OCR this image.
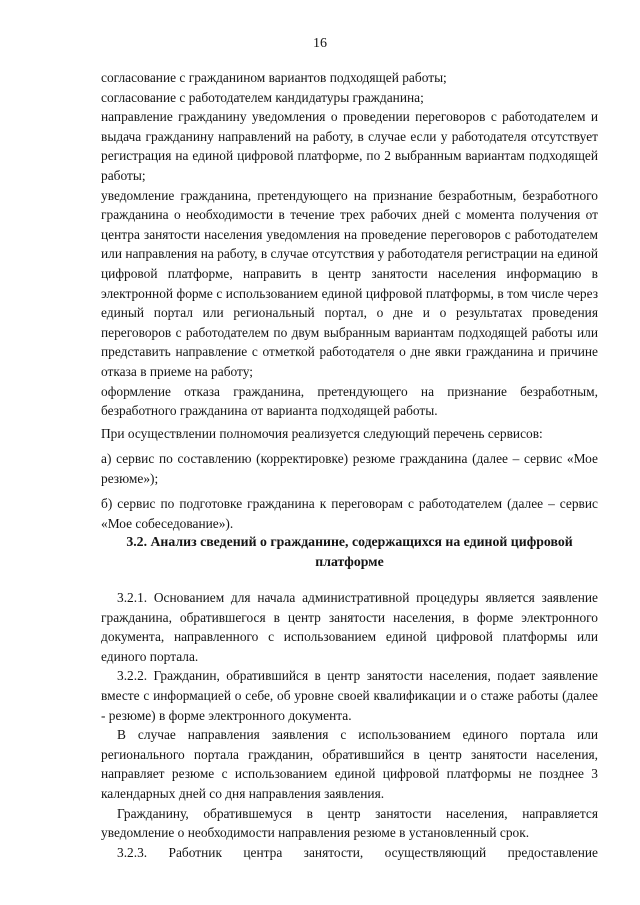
16

согласование с гражданином вариантов подходящей работы;

согласование с работодателем кандидатуры гражданина;

направление гражданину уведомления о проведении переговоров с работодателем и выдача гражданину направлений на работу, в случае если у работодателя отсутствует регистрация на единой цифровой платформе, по 2 выбранным вариантам подходящей работы;

уведомление гражданина, претендующего на признание безработным, безработного гражданина о необходимости в течение трех рабочих дней с момента получения от центра занятости населения уведомления на проведение переговоров с работодателем или направления на работу, в случае отсутствия у работодателя регистрации на единой цифровой платформе, направить в центр занятости населения информацию в электронной форме с использованием единой цифровой платформы, в том числе через единый портал или региональный портал, о дне и о результатах проведения переговоров с работодателем по двум выбранным вариантам подходящей работы или представить направление с отметкой работодателя о дне явки гражданина и причине отказа в приеме на работу;

оформление отказа гражданина, претендующего на признание безработным, безработного гражданина от варианта подходящей работы.

При осуществлении полномочия реализуется следующий перечень сервисов:

а) сервис по составлению (корректировке) резюме гражданина (далее – сервис «Мое резюме»);

б) сервис по подготовке гражданина к переговорам с работодателем (далее – сервис «Мое собеседование»).

3.2. Анализ сведений о гражданине, содержащихся на единой цифровой платформе

3.2.1. Основанием для начала административной процедуры является заявление гражданина, обратившегося в центр занятости населения, в форме электронного документа, направленного с использованием единой цифровой платформы или единого портала.

3.2.2. Гражданин, обратившийся в центр занятости населения, подает заявление вместе с информацией о себе, об уровне своей квалификации и о стаже работы (далее - резюме) в форме электронного документа.

В случае направления заявления с использованием единого портала или регионального портала гражданин, обратившийся в центр занятости населения, направляет резюме с использованием единой цифровой платформы не позднее 3 календарных дней со дня направления заявления.

Гражданину, обратившемуся в центр занятости населения, направляется уведомление о необходимости направления резюме в установленный срок.

3.2.3. Работник центра занятости, осуществляющий предоставление
